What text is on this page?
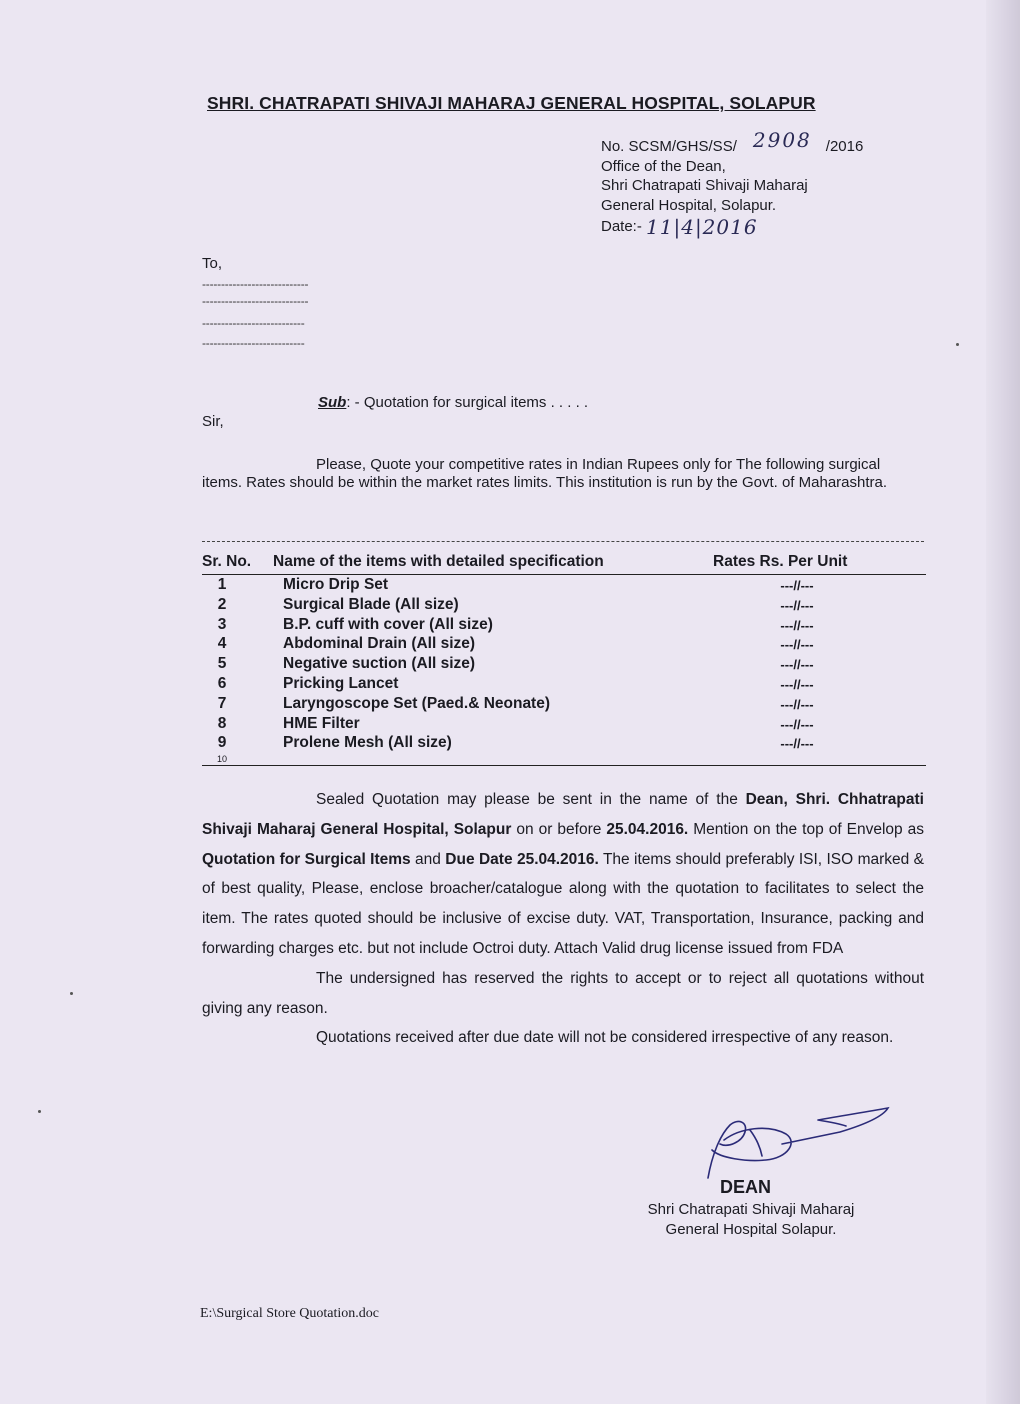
SHRI. CHATRAPATI SHIVAJI MAHARAJ GENERAL HOSPITAL, SOLAPUR
No. SCSM/GHS/SS/ 2908 /2016
Office of the Dean,
Shri Chatrapati Shivaji Maharaj
General Hospital, Solapur.
Date:- 11|4|2016
To,
----------------------------
----------------------------
---------------------------
---------------------------
Sub: - Quotation for surgical items . . . . .
Sir,
Please, Quote your competitive rates in Indian Rupees only for The following surgical items. Rates should be within the market rates limits. This institution is run by the Govt. of Maharashtra.
Sr. No. Name of the items with detailed specification	Rates Rs. Per Unit
1	Micro Drip Set	---//---
2	Surgical Blade (All size)	---//---
3	B.P. cuff with cover (All size)	---//---
4	Abdominal Drain (All size)	---//---
5	Negative suction (All size)	---//---
6	Pricking Lancet	---//---
7	Laryngoscope Set (Paed.& Neonate)	---//---
8	HME Filter	---//---
9	Prolene Mesh (All size)	---//---
10

Sealed Quotation may please be sent in the name of the Dean, Shri. Chhatrapati Shivaji Maharaj General Hospital, Solapur on or before 25.04.2016. Mention on the top of Envelop as Quotation for Surgical Items and Due Date 25.04.2016. The items should preferably ISI, ISO marked & of best quality, Please, enclose broacher/catalogue along with the quotation to facilitates to select the item. The rates quoted should be inclusive of excise duty. VAT, Transportation, Insurance, packing and forwarding charges etc. but not include Octroi duty. Attach Valid drug license issued from FDA

The undersigned has reserved the rights to accept or to reject all quotations without giving any reason.

Quotations received after due date will not be considered irrespective of any reason.

DEAN
Shri Chatrapati Shivaji Maharaj
General Hospital Solapur.
E:\Surgical Store Quotation.doc
